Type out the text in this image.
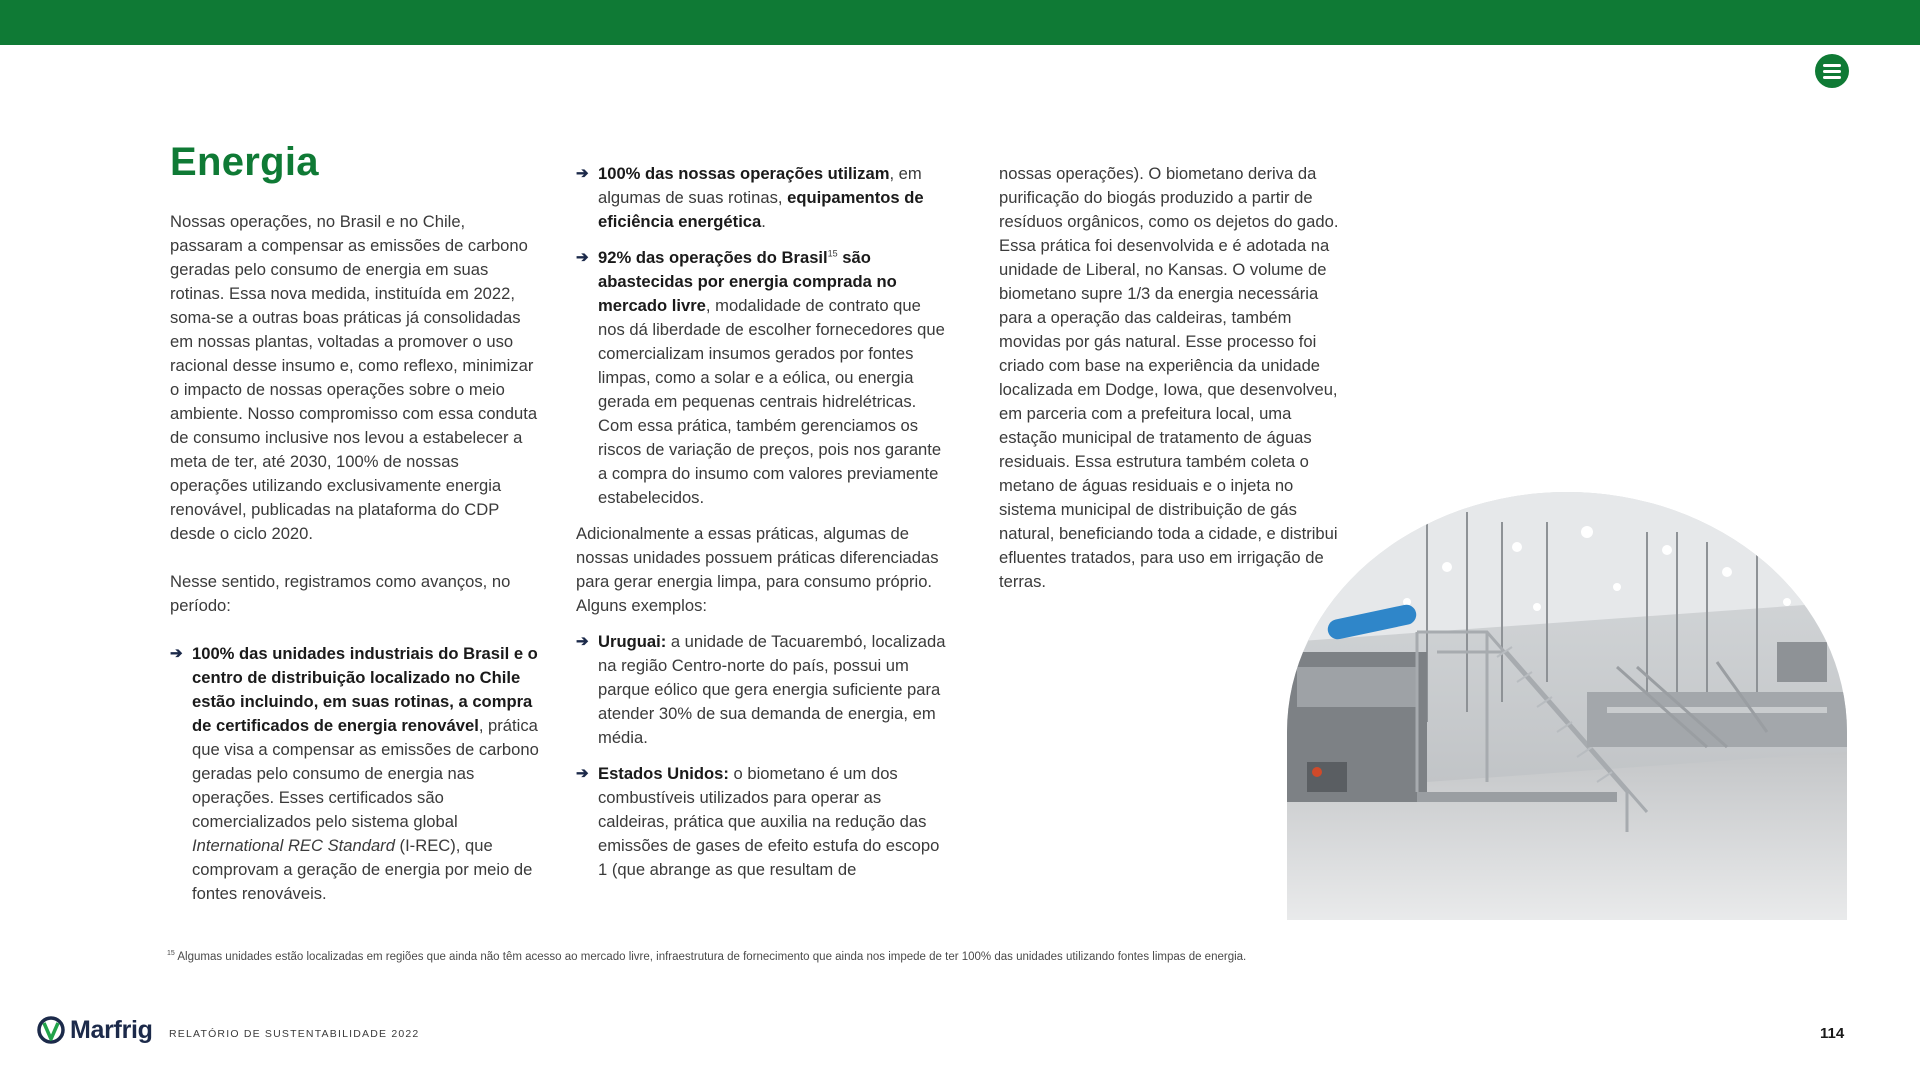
Energia

Nossas operações, no Brasil e no Chile, passaram a compensar as emissões de carbono geradas pelo consumo de energia em suas rotinas. Essa nova medida, instituída em 2022, soma-se a outras boas práticas já consolidadas em nossas plantas, voltadas a promover o uso racional desse insumo e, como reflexo, minimizar o impacto de nossas operações sobre o meio ambiente. Nosso compromisso com essa conduta de consumo inclusive nos levou a estabelecer a meta de ter, até 2030, 100% de nossas operações utilizando exclusivamente energia renovável, publicadas na plataforma do CDP desde o ciclo 2020.

Nesse sentido, registramos como avanços, no período:

➔ 100% das unidades industriais do Brasil e o centro de distribuição localizado no Chile estão incluindo, em suas rotinas, a compra de certificados de energia renovável, prática que visa a compensar as emissões de carbono geradas pelo consumo de energia nas operações. Esses certificados são comercializados pelo sistema global International REC Standard (I-REC), que comprovam a geração de energia por meio de fontes renováveis.

➔ 100% das nossas operações utilizam, em algumas de suas rotinas, equipamentos de eficiência energética.

➔ 92% das operações do Brasil$^{15}$ são abastecidas por energia comprada no mercado livre, modalidade de contrato que nos dá liberdade de escolher fornecedores que comercializam insumos gerados por fontes limpas, como a solar e a eólica, ou energia gerada em pequenas centrais hidrelétricas. Com essa prática, também gerenciamos os riscos de variação de preços, pois nos garante a compra do insumo com valores previamente estabelecidos.

Adicionalmente a essas práticas, algumas de nossas unidades possuem práticas diferenciadas para gerar energia limpa, para consumo próprio. Alguns exemplos:

➔ Uruguai: a unidade de Tacuarembó, localizada na região Centro-norte do país, possui um parque eólico que gera energia suficiente para atender 30% de sua demanda de energia, em média.

➔ Estados Unidos: o biometano é um dos combustíveis utilizados para operar as caldeiras, prática que auxilia na redução das emissões de gases de efeito estufa do escopo 1 (que abrange as que resultam de

nossas operações). O biometano deriva da purificação do biogás produzido a partir de resíduos orgânicos, como os dejetos do gado. Essa prática foi desenvolvida e é adotada na unidade de Liberal, no Kansas. O volume de biometano supre 1/3 da energia necessária para a operação das caldeiras, também movidas por gás natural. Esse processo foi criado com base na experiência da unidade localizada em Dodge, Iowa, que desenvolveu, em parceria com a prefeitura local, uma estação municipal de tratamento de águas residuais. Essa estrutura também coleta o metano de águas residuais e o injeta no sistema municipal de distribuição de gás natural, beneficiando toda a cidade, e distribui efluentes tratados, para uso em irrigação de terras.

$^{15}$ Algumas unidades estão localizadas em regiões que ainda não têm acesso ao mercado livre, infraestrutura de fornecimento que ainda nos impede de ter 100% das unidades utilizando fontes limpas de energia.

Marfrig RELATÓRIO DE SUSTENTABILIDADE 2022	114
